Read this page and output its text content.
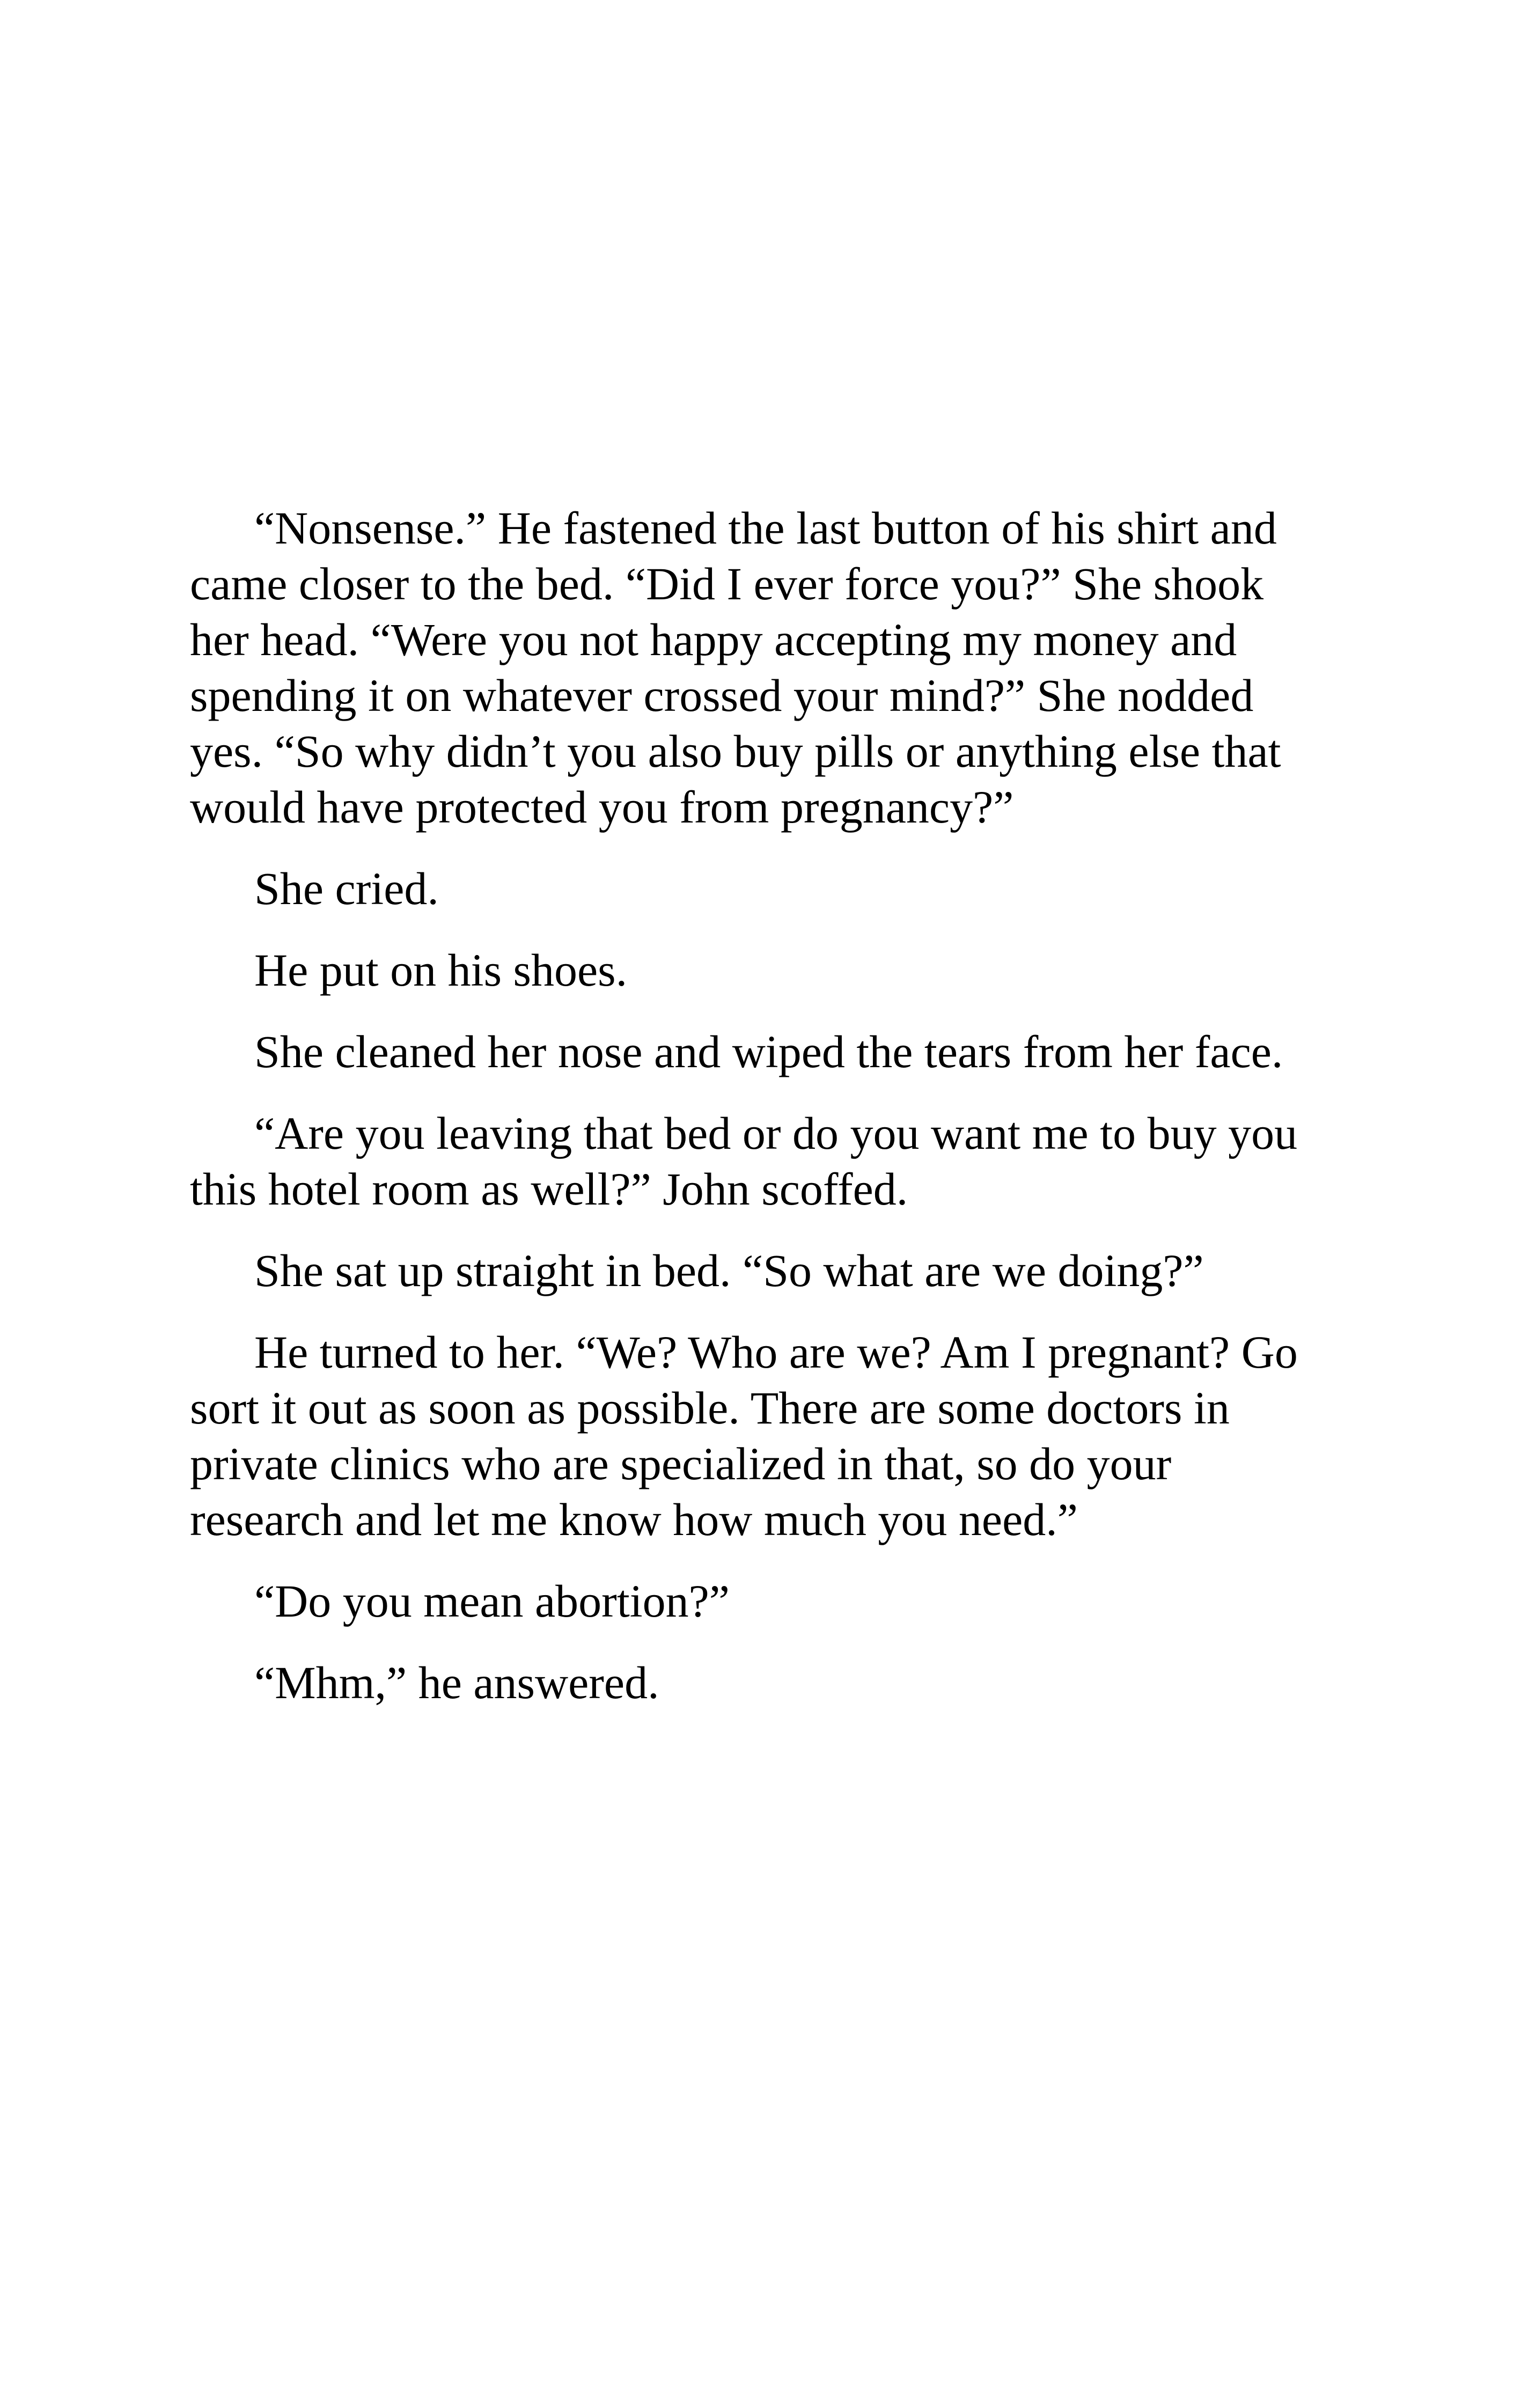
“Nonsense.” He fastened the last button of his shirt and came closer to the bed. “Did I ever force you?” She shook her head. “Were you not happy accepting my money and spending it on whatever crossed your mind?” She nodded yes. “So why didn’t you also buy pills or anything else that would have protected you from pregnancy?”

She cried.

He put on his shoes.

She cleaned her nose and wiped the tears from her face.

“Are you leaving that bed or do you want me to buy you this hotel room as well?” John scoffed.

She sat up straight in bed. “So what are we doing?”

He turned to her. “We? Who are we? Am I pregnant? Go sort it out as soon as possible. There are some doctors in private clinics who are specialized in that, so do your research and let me know how much you need.”

“Do you mean abortion?”

“Mhm,” he answered.
